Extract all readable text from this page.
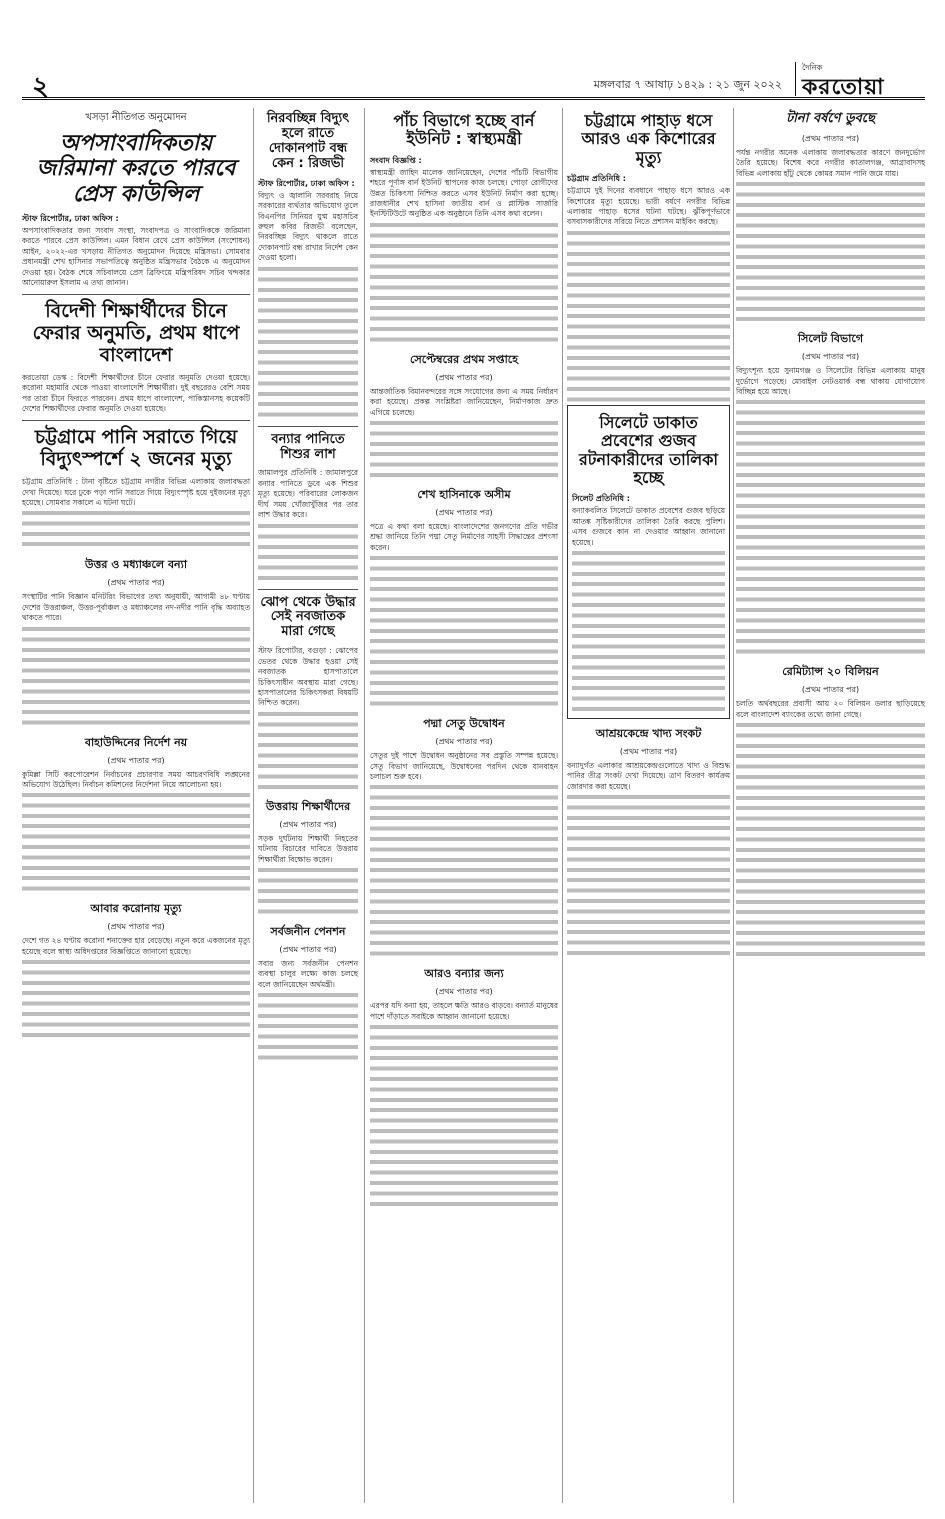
২	মঙ্গলবার ৭ আষাঢ় ১৪২৯ : ২১ জুন ২০২২
দৈনিক
করতোয়া
খসড়া নীতিগত অনুমোদন
অপসাংবাদিকতায় জরিমানা করতে পারবে প্রেস কাউন্সিল
স্টাফ রিপোর্টার, ঢাকা অফিস :
অপসাংবাদিকতার জন্য সংবাদ সংস্থা, সংবাদপত্র ও সাংবাদিককে জরিমানা করতে পারবে প্রেস কাউন্সিল। এমন বিধান রেখে প্রেস কাউন্সিল (সংশোধন) আইন, ২০২২-এর খসড়ায় নীতিগত অনুমোদন দিয়েছে মন্ত্রিসভা। সোমবার প্রধানমন্ত্রী শেখ হাসিনার সভাপতিত্বে অনুষ্ঠিত মন্ত্রিসভার বৈঠকে এ অনুমোদন দেওয়া হয়। বৈঠক শেষে সচিবালয়ে প্রেস ব্রিফিংয়ে মন্ত্রিপরিষদ সচিব খন্দকার আনোয়ারুল ইসলাম এ তথ্য জানান।
বিদেশী শিক্ষার্থীদের চীনে ফেরার অনুমতি, প্রথম ধাপে বাংলাদেশ
করতোয়া ডেস্ক : বিদেশী শিক্ষার্থীদের চীনে ফেরার অনুমতি দেওয়া হয়েছে। করোনা মহামারি থেকে পাওয়া বাংলাদেশি শিক্ষার্থীরা। দুই বছরেরও বেশি সময় পর তারা চীনে ফিরতে পারবেন। প্রথম ধাপে বাংলাদেশ, পাকিস্তানসহ কয়েকটি দেশের শিক্ষার্থীদের ফেরার অনুমতি দেওয়া হয়েছে।
চট্টগ্রামে পানি সরাতে গিয়ে বিদ্যুৎস্পর্শে ২ জনের মৃত্যু
চট্টগ্রাম প্রতিনিধি : টানা বৃষ্টিতে চট্টগ্রাম নগরীর বিভিন্ন এলাকায় জলাবদ্ধতা দেখা দিয়েছে। ঘরে ঢুকে পড়া পানি সরাতে গিয়ে বিদ্যুৎস্পৃষ্ট হয়ে দুইজনের মৃত্যু হয়েছে। সোমবার সকালে এ ঘটনা ঘটে।
উত্তর ও মধ্যাঞ্চলে বন্যা
(প্রথম পাতার পর)
সংস্থাটির পানি বিজ্ঞান মনিটরিং বিভাগের তথ্য অনুযায়ী, আগামী ৪৮ ঘণ্টায় দেশের উত্তরাঞ্চল, উত্তর-পূর্বাঞ্চল ও মধ্যাঞ্চলের নদ-নদীর পানি বৃদ্ধি অব্যাহত থাকতে পারে।
বাহাউদ্দিনের নির্দেশ নয়
(প্রথম পাতার পর)
কুমিল্লা সিটি করপোরেশন নির্বাচনের প্রচারণার সময় আচরণবিধি লঙ্ঘনের অভিযোগ উঠেছিল। নির্বাচন কমিশনের নির্দেশনা নিয়ে আলোচনা হয়।
আবার করোনায় মৃত্যু
(প্রথম পাতার পর)
দেশে গত ২৪ ঘণ্টায় করোনা শনাক্তের হার বেড়েছে। নতুন করে একজনের মৃত্যু হয়েছে বলে স্বাস্থ্য অধিদপ্তরের বিজ্ঞপ্তিতে জানানো হয়েছে।
নিরবচ্ছিন্ন বিদ্যুৎ হলে রাতে দোকানপাট বন্ধ কেন : রিজভী
স্টাফ রিপোর্টার, ঢাকা অফিস :
বিদ্যুৎ ও জ্বালানি সরবরাহ নিয়ে সরকারের ব্যর্থতার অভিযোগ তুলে বিএনপির সিনিয়র যুগ্ম মহাসচিব রুহুল কবির রিজভী বলেছেন, নিরবচ্ছিন্ন বিদ্যুৎ থাকলে রাতে দোকানপাট বন্ধ রাখার নির্দেশ কেন দেওয়া হলো।
বন্যার পানিতে শিশুর লাশ
জামালপুর প্রতিনিধি : জামালপুরে বন্যার পানিতে ডুবে এক শিশুর মৃত্যু হয়েছে। পরিবারের লোকজন দীর্ঘ সময় খোঁজাখুঁজির পর তার লাশ উদ্ধার করে।
ঝোপ থেকে উদ্ধার সেই নবজাতক মারা গেছে
স্টাফ রিপোর্টার, বগুড়া : ঝোপের ভেতর থেকে উদ্ধার হওয়া সেই নবজাতক হাসপাতালে চিকিৎসাধীন অবস্থায় মারা গেছে। হাসপাতালের চিকিৎসকরা বিষয়টি নিশ্চিত করেন।
উত্তরায় শিক্ষার্থীদের
(প্রথম পাতার পর)
সড়ক দুর্ঘটনায় শিক্ষার্থী নিহতের ঘটনায় বিচারের দাবিতে উত্তরায় শিক্ষার্থীরা বিক্ষোভ করেন।
সর্বজনীন পেনশন
(প্রথম পাতার পর)
সবার জন্য সর্বজনীন পেনশন ব্যবস্থা চালুর লক্ষ্যে কাজ চলছে বলে জানিয়েছেন অর্থমন্ত্রী।
পাঁচ বিভাগে হচ্ছে বার্ন ইউনিট : স্বাস্থ্যমন্ত্রী
সংবাদ বিজ্ঞপ্তি :
স্বাস্থ্যমন্ত্রী জাহিদ মালেক জানিয়েছেন, দেশের পাঁচটি বিভাগীয় শহরে পূর্ণাঙ্গ বার্ন ইউনিট স্থাপনের কাজ চলছে। পোড়া রোগীদের উন্নত চিকিৎসা নিশ্চিত করতে এসব ইউনিট নির্মাণ করা হচ্ছে। রাজধানীর শেখ হাসিনা জাতীয় বার্ন ও প্লাস্টিক সার্জারি ইনস্টিটিউটে অনুষ্ঠিত এক অনুষ্ঠানে তিনি এসব কথা বলেন।
সেপ্টেম্বরের প্রথম সপ্তাহে
(প্রথম পাতার পর)
আন্তর্জাতিক বিমানবন্দরের সঙ্গে সংযোগের জন্য এ সময় নির্ধারণ করা হয়েছে। প্রকল্প সংশ্লিষ্টরা জানিয়েছেন, নির্মাণকাজ দ্রুত এগিয়ে চলেছে।
শেখ হাসিনাকে অসীম
(প্রথম পাতার পর)
পত্রে এ কথা বলা হয়েছে। বাংলাদেশের জনগণের প্রতি গভীর শ্রদ্ধা জানিয়ে তিনি পদ্মা সেতু নির্মাণের সাহসী সিদ্ধান্তের প্রশংসা করেন।
পদ্মা সেতু উদ্বোধন
(প্রথম পাতার পর)
সেতুর দুই পাশে উদ্বোধন অনুষ্ঠানের সব প্রস্তুতি সম্পন্ন হয়েছে। সেতু বিভাগ জানিয়েছে, উদ্বোধনের পরদিন থেকে যানবাহন চলাচল শুরু হবে।
আরও বন্যার জন্য
(প্রথম পাতার পর)
এরপর যদি বন্যা হয়, তাহলে ক্ষতি আরও বাড়বে। বন্যার্ত মানুষের পাশে দাঁড়াতে সবাইকে আহ্বান জানানো হয়েছে।
চট্টগ্রামে পাহাড় ধসে আরও এক কিশোরের মৃত্যু
চট্টগ্রাম প্রতিনিধি :
চট্টগ্রামে দুই দিনের ব্যবধানে পাহাড় ধসে আরও এক কিশোরের মৃত্যু হয়েছে। ভারী বর্ষণে নগরীর বিভিন্ন এলাকায় পাহাড় ধসের ঘটনা ঘটছে। ঝুঁকিপূর্ণভাবে বসবাসকারীদের সরিয়ে নিতে প্রশাসন মাইকিং করছে।
সিলেটে ডাকাত প্রবেশের গুজব রটনাকারীদের তালিকা হচ্ছে
সিলেট প্রতিনিধি :
বন্যাকবলিত সিলেটে ডাকাত প্রবেশের গুজব ছড়িয়ে আতঙ্ক সৃষ্টিকারীদের তালিকা তৈরি করছে পুলিশ। এসব গুজবে কান না দেওয়ার আহ্বান জানানো হয়েছে।
আশ্রয়কেন্দ্রে খাদ্য সংকট
(প্রথম পাতার পর)
বন্যাদুর্গত এলাকার আশ্রয়কেন্দ্রগুলোতে খাদ্য ও বিশুদ্ধ পানির তীব্র সংকট দেখা দিয়েছে। ত্রাণ বিতরণ কার্যক্রম জোরদার করা হয়েছে।
টানা বর্ষণে ডুবছে
(প্রথম পাতার পর)
পর্যন্ত নগরীর অনেক এলাকায় জলাবদ্ধতার কারণে জনদুর্ভোগ তৈরি হয়েছে। বিশেষ করে নগরীর কাতালগঞ্জ, আগ্রাবাদসহ বিভিন্ন এলাকায় হাঁটু থেকে কোমর সমান পানি জমে যায়।
সিলেট বিভাগে
(প্রথম পাতার পর)
বিদ্যুৎশূন্য হয়ে সুনামগঞ্জ ও সিলেটের বিভিন্ন এলাকায় মানুষ দুর্ভোগে পড়েছে। মোবাইল নেটওয়ার্ক বন্ধ থাকায় যোগাযোগ বিচ্ছিন্ন হয়ে আছে।
রেমিট্যান্স ২০ বিলিয়ন
(প্রথম পাতার পর)
চলতি অর্থবছরের প্রবাসী আয় ২০ বিলিয়ন ডলার ছাড়িয়েছে বলে বাংলাদেশ ব্যাংকের তথ্যে জানা গেছে।
